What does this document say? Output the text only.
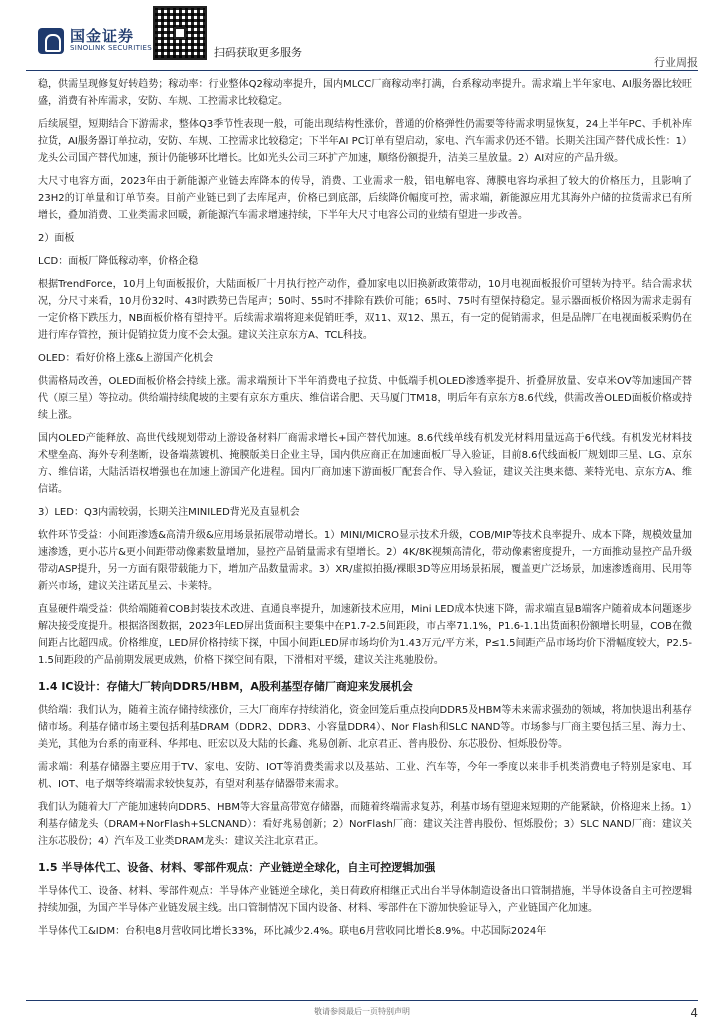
国金证券
SINOLINK SECURITIES	扫码获取更多服务
行业周报

稳，供需呈现修复好转趋势；稼动率：行业整体Q2稼动率提升，国内MLCC厂商稼动率打满，台系稼动率提升。需求端上半年家电、AI服务器比较旺盛，消费有补库需求，安防、车规、工控需求比较稳定。

后续展望，短期结合下游需求，整体Q3季节性表现一般，可能出现结构性涨价，普通的价格弹性仍需要等待需求明显恢复，24上半年PC、手机补库拉货，AI服务器订单拉动，安防、车规、工控需求比较稳定；下半年AI PC订单有望启动，家电、汽车需求仍还不错。长期关注国产替代成长性：1）龙头公司国产替代加速，预计仍能够环比增长。比如光头公司三环扩产加速，顺络份额提升，洁美三星放量。2）AI对应的产品升级。

大尺寸电容方面，2023年由于新能源产业链去库降本的传导，消费、工业需求一般，铝电解电容、薄膜电容均承担了较大的价格压力，且影响了23H2的订单量和订单节奏。目前产业链已到了去库尾声，价格已到底部，后续降价幅度可控，需求端，新能源应用尤其海外户储的拉货需求已有所增长，叠加消费、工业类需求回暖，新能源汽车需求增速持续，下半年大尺寸电容公司的业绩有望进一步改善。

2）面板

LCD：面板厂降低稼动率，价格企稳

根据TrendForce，10月上旬面板报价，大陆面板厂十月执行控产动作，叠加家电以旧换新政策带动，10月电视面板报价可望转为持平。结合需求状况，分尺寸来看，10月份32吋、43吋跌势已告尾声；50吋、55吋不排除有跌价可能；65吋、75吋有望保持稳定。显示器面板价格因为需求走弱有一定价格下跌压力，NB面板价格有望持平。后续需求端将迎来促销旺季，双11、双12、黑五，有一定的促销需求，但是品牌厂在电视面板采购仍在进行库存管控，预计促销拉货力度不会太强。建议关注京东方A、TCL科技。

OLED：看好价格上涨&上游国产化机会

供需格局改善，OLED面板价格会持续上涨。需求端预计下半年消费电子拉货、中低端手机OLED渗透率提升、折叠屏放量、安卓米OV等加速国产替代（原三星）等拉动。供给端持续爬坡的主要有京东方重庆、维信诺合肥、天马厦门TM18，明后年有京东方8.6代线，供需改善OLED面板价格或持续上涨。

国内OLED产能释放、高世代线规划带动上游设备材料厂商需求增长+国产替代加速。8.6代线单线有机发光材料用量远高于6代线。有机发光材料技术壁垒高、海外专利垄断，设备端蒸镀机、掩膜版美日企业主导，国内供应商正在加速面板厂导入验证，目前8.6代线面板厂规划即三星、LG、京东方、维信诺，大陆活语权增强也在加速上游国产化进程。国内厂商加速下游面板厂配套合作、导入验证，建议关注奥来德、莱特光电、京东方A、维信诺。

3）LED：Q3内需较弱，长期关注MINILED背光及直显机会

软件环节受益：小间距渗透&高清升级&应用场景拓展带动增长。1）MINI/MICRO显示技术升级，COB/MIP等技术良率提升、成本下降，规模效量加速渗透，更小芯片&更小间距带动像素数量增加，显控产品销量需求有望增长。2）4K/8K视频高清化，带动像素密度提升，一方面推动显控产品升级带动ASP提升，另一方面有限带载能力下，增加产品数量需求。3）XR/虚拟拍摄/裸眼3D等应用场景拓展，覆盖更广泛场景，加速渗透商用、民用等新兴市场，建议关注诺瓦星云、卡莱特。

直显硬件端受益：供给端随着COB封装技术改进、直通良率提升，加速新技术应用，Mini LED成本快速下降，需求端直显B端客户随着成本问题逐步解决接受度提升。根据洛图数据，2023年LED屏出货面积主要集中在P1.7-2.5间距段，市占率71.1%，P1.6-1.1出货面积份额增长明显，COB在微间距占比超四成。价格维度，LED屏价格持续下探，中国小间距LED屏市场均价为1.43万元/平方米，P≤1.5间距产品市场均价下滑幅度较大，P2.5-1.5间距段的产品前期发展更成熟，价格下探空间有限，下滑相对平缓，建议关注兆驰股份。

1.4 IC设计：存储大厂转向DDR5/HBM，A股利基型存储厂商迎来发展机会

供给端：我们认为，随着主流存储持续涨价，三大厂商库存持续消化，资金回笼后重点投向DDR5及HBM等未来需求强劲的领域，将加快退出利基存储市场。利基存储市场主要包括利基DRAM（DDR2、DDR3、小容量DDR4）、Nor Flash和SLC NAND等。市场参与厂商主要包括三星、海力士、美光，其他为台系的南亚科、华邦电、旺宏以及大陆的长鑫、兆易创新、北京君正、普冉股份、东芯股份、恒烁股份等。

需求端：利基存储器主要应用于TV、家电、安防、IOT等消费类需求以及基站、工业、汽车等，今年一季度以来非手机类消费电子特别是家电、耳机、IOT、电子烟等终端需求较快复苏，有望对利基存储器带来需求。

我们认为随着大厂产能加速转向DDR5、HBM等大容量高带宽存储器，而随着终端需求复苏，利基市场有望迎来短期的产能紧缺，价格迎来上扬。1）利基存储龙头（DRAM+NorFlash+SLCNAND）：看好兆易创新；2）NorFlash厂商：建议关注普冉股份、恒烁股份；3）SLC NAND厂商：建议关注东芯股份；4）汽车及工业类DRAM龙头：建议关注北京君正。

1.5 半导体代工、设备、材料、零部件观点：产业链逆全球化，自主可控逻辑加强

半导体代工、设备、材料、零部件观点：半导体产业链逆全球化，美日荷政府相继正式出台半导体制造设备出口管制措施，半导体设备自主可控逻辑持续加强，为国产半导体产业链发展主线。出口管制情况下国内设备、材料、零部件在下游加快验证导入，产业链国产化加速。

半导体代工&IDM：台积电8月营收同比增长33%，环比减少2.4%。联电6月营收同比增长8.9%。中芯国际2024年

敬请参阅最后一页特别声明	4
